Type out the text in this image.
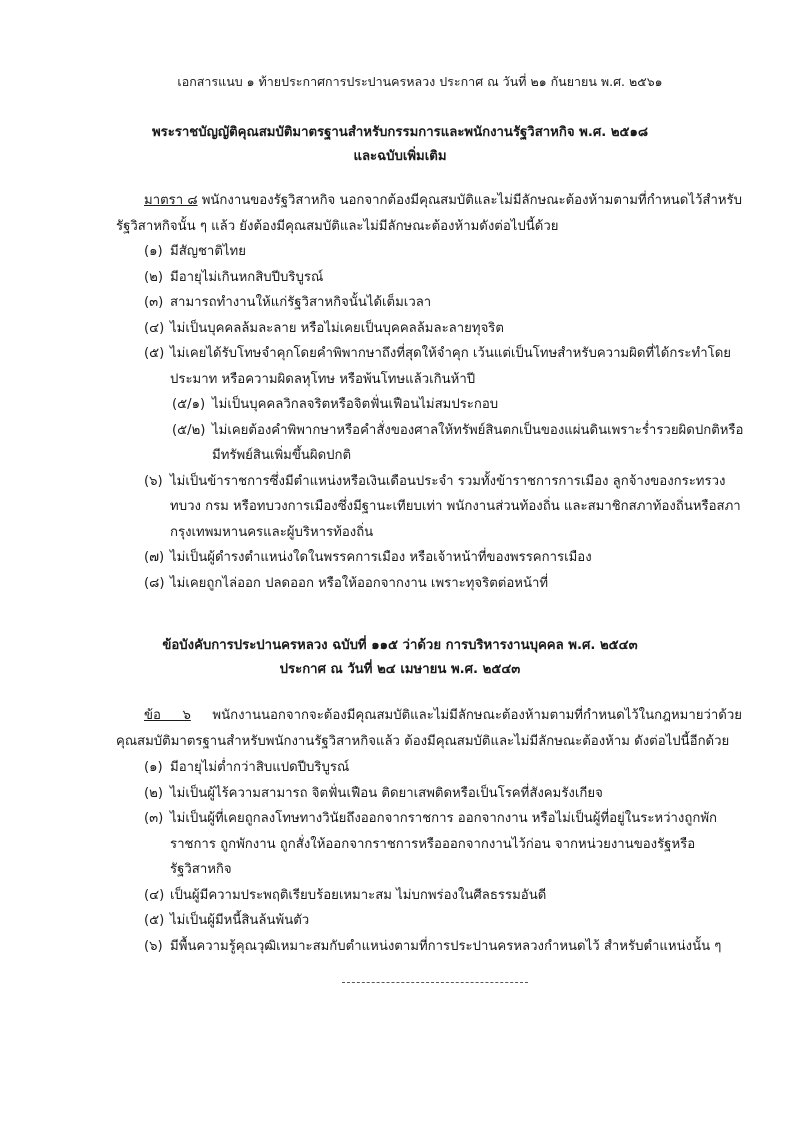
เอกสารแนบ ๑ ท้ายประกาศการประปานครหลวง ประกาศ ณ วันที่ ๒๑ กันยายน พ.ศ. ๒๕๖๑
พระราชบัญญัติคุณสมบัติมาตรฐานสำหรับกรรมการและพนักงานรัฐวิสาหกิจ พ.ศ. ๒๕๑๘
และฉบับเพิ่มเติม
มาตรา ๘ พนักงานของรัฐวิสาหกิจ นอกจากต้องมีคุณสมบัติและไม่มีลักษณะต้องห้ามตามที่กำหนดไว้สำหรับรัฐวิสาหกิจนั้น ๆ แล้ว ยังต้องมีคุณสมบัติและไม่มีลักษณะต้องห้ามดังต่อไปนี้ด้วย
(๑) มีสัญชาติไทย
(๒) มีอายุไม่เกินหกสิบปีบริบูรณ์
(๓) สามารถทำงานให้แก่รัฐวิสาหกิจนั้นได้เต็มเวลา
(๔) ไม่เป็นบุคคลล้มละลาย หรือไม่เคยเป็นบุคคลล้มละลายทุจริต
(๕) ไม่เคยได้รับโทษจำคุกโดยคำพิพากษาถึงที่สุดให้จำคุก เว้นแต่เป็นโทษสำหรับความผิดที่ได้กระทำโดยประมาท หรือความผิดลหุโทษ หรือพ้นโทษแล้วเกินห้าปี
(๕/๑) ไม่เป็นบุคคลวิกลจริตหรือจิตฟั่นเฟือนไม่สมประกอบ
(๕/๒) ไม่เคยต้องคำพิพากษาหรือคำสั่งของศาลให้ทรัพย์สินตกเป็นของแผ่นดินเพราะร่ำรวยผิดปกติหรือมีทรัพย์สินเพิ่มขึ้นผิดปกติ
(๖) ไม่เป็นข้าราชการซึ่งมีตำแหน่งหรือเงินเดือนประจำ รวมทั้งข้าราชการการเมือง ลูกจ้างของกระทรวง ทบวง กรม หรือทบวงการเมืองซึ่งมีฐานะเทียบเท่า พนักงานส่วนท้องถิ่น และสมาชิกสภาท้องถิ่นหรือสภากรุงเทพมหานครและผู้บริหารท้องถิ่น
(๗) ไม่เป็นผู้ดำรงตำแหน่งใดในพรรคการเมือง หรือเจ้าหน้าที่ของพรรคการเมือง
(๘) ไม่เคยถูกไล่ออก ปลดออก หรือให้ออกจากงาน เพราะทุจริตต่อหน้าที่
ข้อบังคับการประปานครหลวง ฉบับที่ ๑๑๕ ว่าด้วย การบริหารงานบุคคล พ.ศ. ๒๕๔๓
ประกาศ ณ วันที่ ๒๔ เมษายน พ.ศ. ๒๕๔๓
ข้อ ๖ พนักงานนอกจากจะต้องมีคุณสมบัติและไม่มีลักษณะต้องห้ามตามที่กำหนดไว้ในกฎหมายว่าด้วยคุณสมบัติมาตรฐานสำหรับพนักงานรัฐวิสาหกิจแล้ว ต้องมีคุณสมบัติและไม่มีลักษณะต้องห้าม ดังต่อไปนี้อีกด้วย
(๑) มีอายุไม่ต่ำกว่าสิบแปดปีบริบูรณ์
(๒) ไม่เป็นผู้ไร้ความสามารถ จิตฟั่นเฟือน ติดยาเสพติดหรือเป็นโรคที่สังคมรังเกียจ
(๓) ไม่เป็นผู้ที่เคยถูกลงโทษทางวินัยถึงออกจากราชการ ออกจากงาน หรือไม่เป็นผู้ที่อยู่ในระหว่างถูกพักราชการ ถูกพักงาน ถูกสั่งให้ออกจากราชการหรือออกจากงานไว้ก่อน จากหน่วยงานของรัฐหรือรัฐวิสาหกิจ
(๔) เป็นผู้มีความประพฤติเรียบร้อยเหมาะสม ไม่บกพร่องในศีลธรรมอันดี
(๕) ไม่เป็นผู้มีหนี้สินล้นพ้นตัว
(๖) มีพื้นความรู้คุณวุฒิเหมาะสมกับตำแหน่งตามที่การประปานครหลวงกำหนดไว้ สำหรับตำแหน่งนั้น ๆ
